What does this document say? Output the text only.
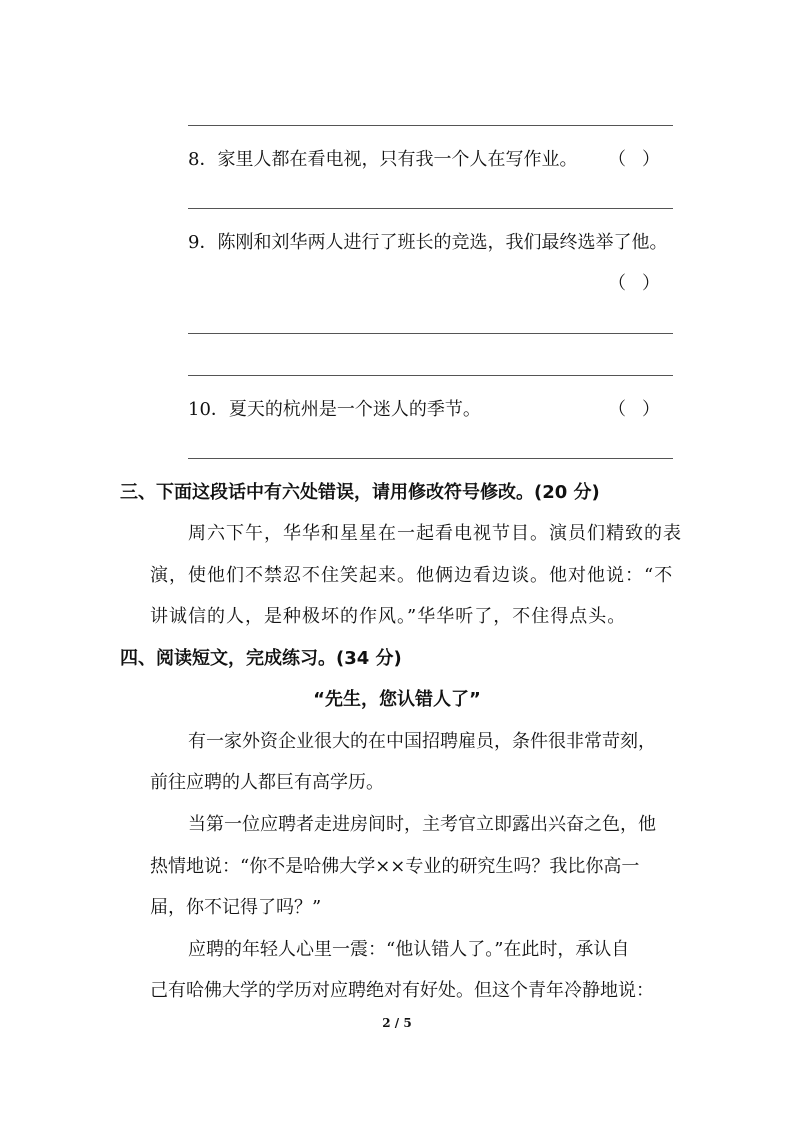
8．家里人都在看电视，只有我一个人在写作业。 （ ）
9．陈刚和刘华两人进行了班长的竞选，我们最终选举了他。
（ ）
10．夏天的杭州是一个迷人的季节。	（ ）
三、下面这段话中有六处错误，请用修改符号修改。(20 分)
周六下午，华华和星星在一起看电视节目。演员们精致的表
演，使他们不禁忍不住笑起来。他俩边看边谈。他对他说：“不
讲诚信的人，是种极坏的作风。”华华听了，不住得点头。
四、阅读短文，完成练习。(34 分)
“先生，您认错人了”
有一家外资企业很大的在中国招聘雇员，条件很非常苛刻，
前往应聘的人都巨有高学历。
当第一位应聘者走进房间时，主考官立即露出兴奋之色，他
热情地说：“你不是哈佛大学××专业的研究生吗？我比你高一
届，你不记得了吗？”
应聘的年轻人心里一震：“他认错人了。”在此时，承认自
己有哈佛大学的学历对应聘绝对有好处。但这个青年冷静地说：
2 / 5
